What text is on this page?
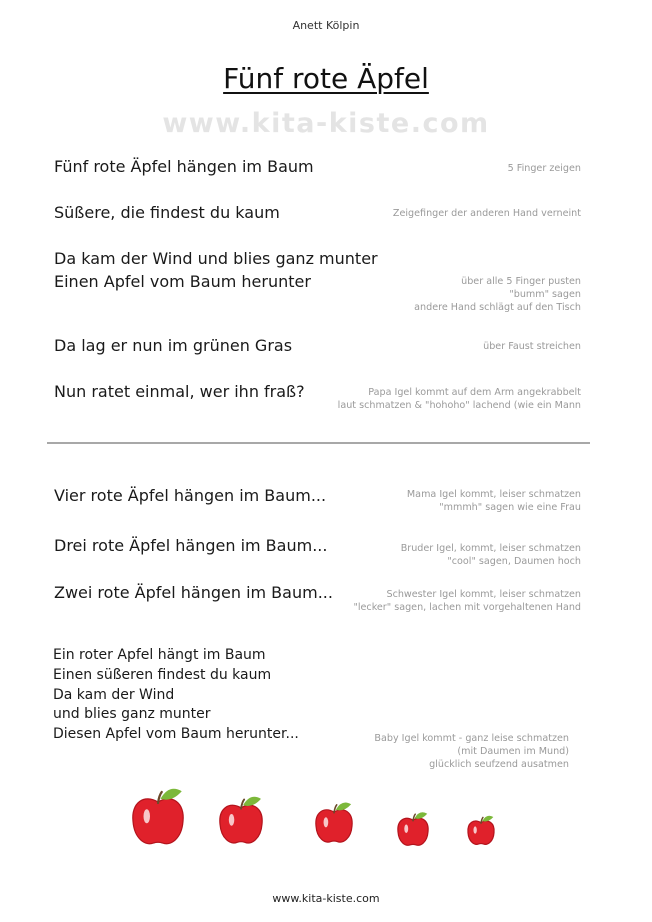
Anett Kölpin
Fünf rote Äpfel
www.kita-kiste.com
Fünf rote Äpfel hängen im Baum	5 Finger zeigen
Süßere, die findest du kaum	Zeigefinger der anderen Hand verneint
Da kam der Wind und blies ganz munter
Einen Apfel vom Baum herunter	über alle 5 Finger pusten
"bumm" sagen
andere Hand schlägt auf den Tisch
Da lag er nun im grünen Gras	über Faust streichen
Nun ratet einmal, wer ihn fraß?	Papa Igel kommt auf dem Arm angekrabbelt
laut schmatzen & "hohoho" lachend (wie ein Mann
Vier rote Äpfel hängen im Baum...	Mama Igel kommt, leiser schmatzen
"mmmh" sagen wie eine Frau
Drei rote Äpfel hängen im Baum...	Bruder Igel, kommt, leiser schmatzen
"cool" sagen, Daumen hoch
Zwei rote Äpfel hängen im Baum...	Schwester Igel kommt, leiser schmatzen
"lecker" sagen, lachen mit vorgehaltenen Hand
Ein roter Apfel hängt im Baum
Einen süßeren findest du kaum
Da kam der Wind
und blies ganz munter
Diesen Apfel vom Baum herunter...	Baby Igel kommt - ganz leise schmatzen
(mit Daumen im Mund)
glücklich seufzend ausatmen
www.kita-kiste.com
